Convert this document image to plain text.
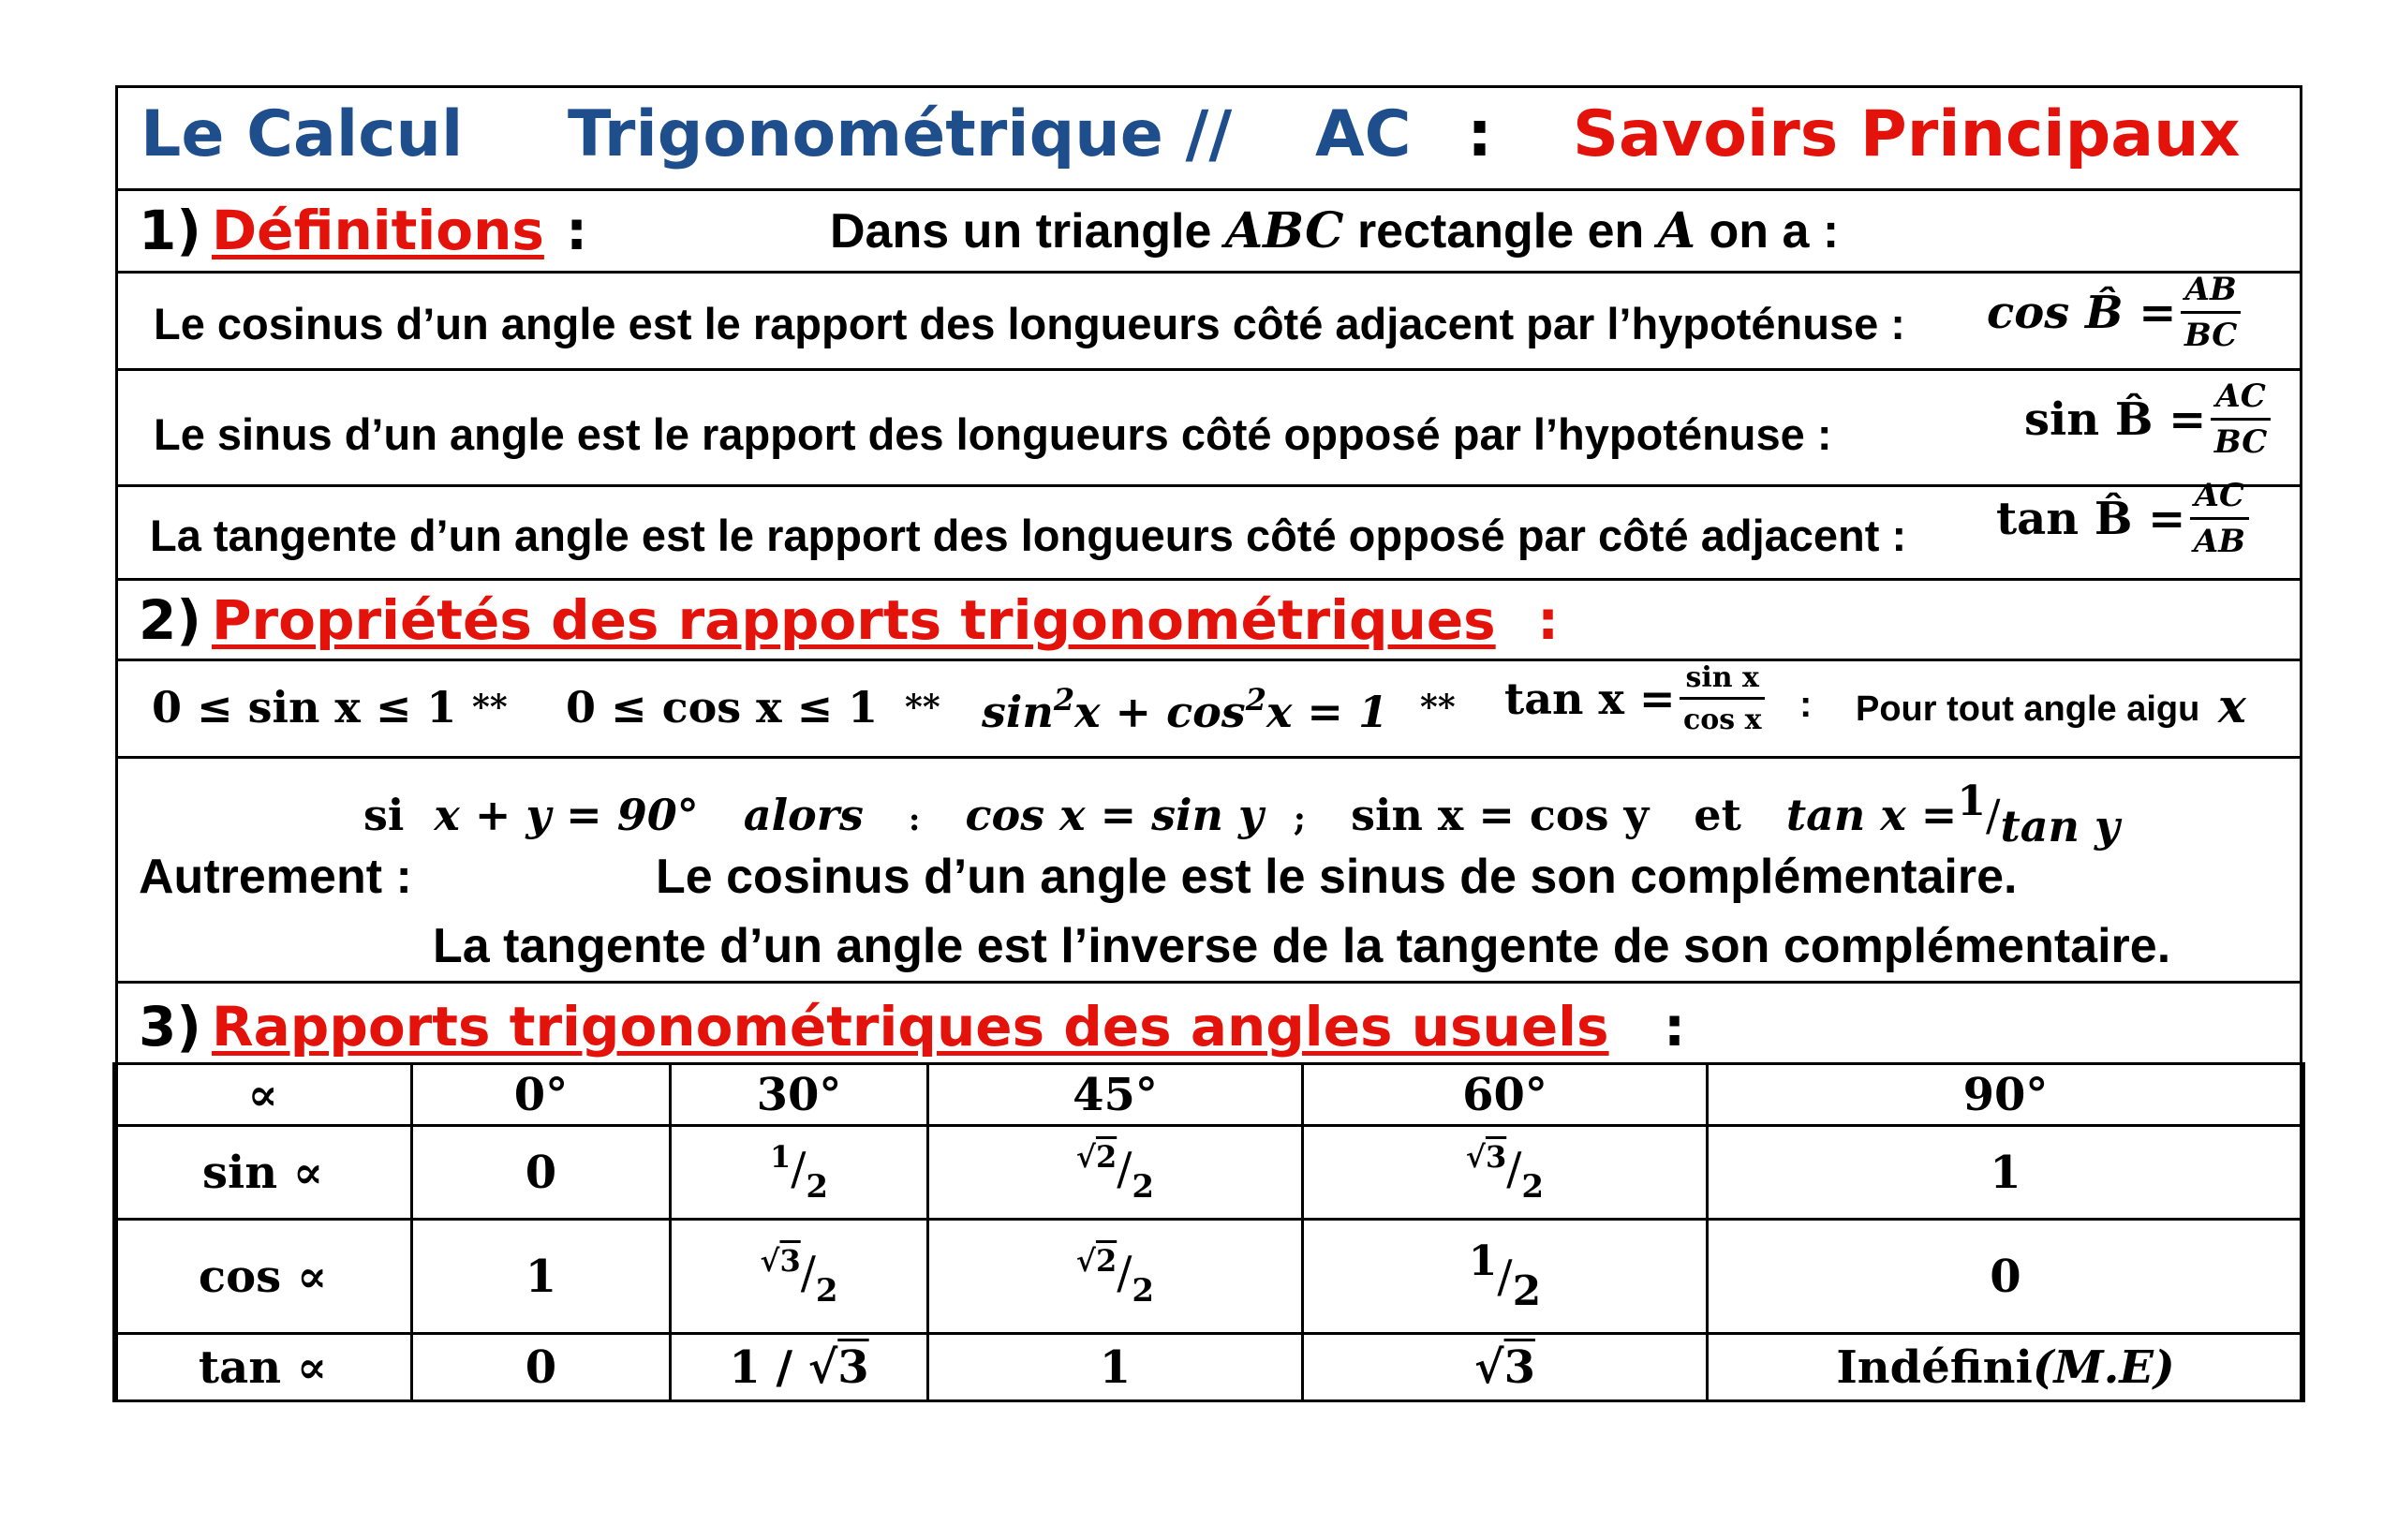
Le Calcul Trigonométrique // AC : Savoirs Principaux
1) Définitions :	Dans un triangle ABC rectangle en A on a :
Le cosinus d’un angle est le rapport des longueurs côté adjacent par l’hypoténuse : cos B̂ = $\frac{AB}{BC}$
Le sinus d’un angle est le rapport des longueurs côté opposé par l’hypoténuse :	sin B̂ = $\frac{AC}{BC}$
La tangente d’un angle est le rapport des longueurs côté opposé par côté adjacent : tan B̂ = $\frac{AC}{AB}$
2) Propriétés des rapports trigonométriques :
$0 \le \sin x \le 1 ** 0 \le \cos x \le 1 ** \sin^2x + \cos^2x = 1 ** \tan x = \frac{\text{sin x}}{\text{cos x}}$ : Pour tout angle aigu x
si x + y = 90° alors : cos x = sin y ; sin x = cos y et tan x =$^1$/tan y
Autrement :	Le cosinus d’un angle est le sinus de son complémentaire.
La tangente d’un angle est l’inverse de la tangente de son complémentaire.
3) Rapports trigonométriques des angles usuels :
∝	0°	30°	45°	60°	90°
sin ∝	0	$^1/_2$	$^{√2}/_2$	$^{√3}/_2$	1
cos ∝	1	$^{√3}/_2$	$^{√2}/_2$	$^1/_2$	0
tan ∝	0	1 / √3	1	√3	Indéfini(M.E)
